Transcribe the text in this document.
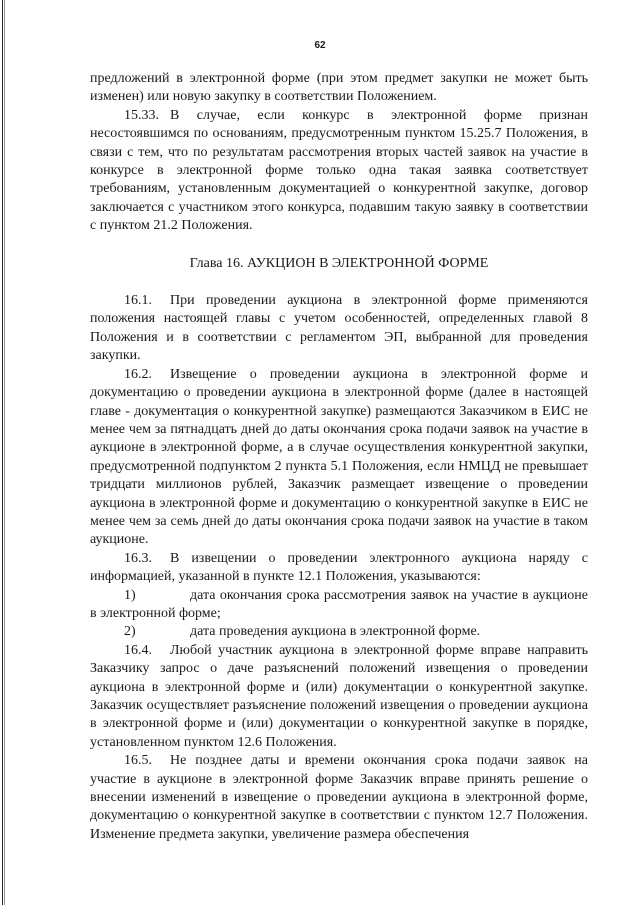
62

предложений в электронной форме (при этом предмет закупки не может быть изменен) или новую закупку в соответствии Положением.

15.33. В случае, если конкурс в электронной форме признан несостоявшимся по основаниям, предусмотренным пунктом 15.25.7 Положения, в связи с тем, что по результатам рассмотрения вторых частей заявок на участие в конкурсе в электронной форме только одна такая заявка соответствует требованиям, установленным документацией о конкурентной закупке, договор заключается с участником этого конкурса, подавшим такую заявку в соответствии с пунктом 21.2 Положения.

Глава 16. АУКЦИОН В ЭЛЕКТРОННОЙ ФОРМЕ

16.1. При проведении аукциона в электронной форме применяются положения настоящей главы с учетом особенностей, определенных главой 8 Положения и в соответствии с регламентом ЭП, выбранной для проведения закупки.

16.2. Извещение о проведении аукциона в электронной форме и документацию о проведении аукциона в электронной форме (далее в настоящей главе - документация о конкурентной закупке) размещаются Заказчиком в ЕИС не менее чем за пятнадцать дней до даты окончания срока подачи заявок на участие в аукционе в электронной форме, а в случае осуществления конкурентной закупки, предусмотренной подпунктом 2 пункта 5.1 Положения, если НМЦД не превышает тридцати миллионов рублей, Заказчик размещает извещение о проведении аукциона в электронной форме и документацию о конкурентной закупке в ЕИС не менее чем за семь дней до даты окончания срока подачи заявок на участие в таком аукционе.

16.3. В извещении о проведении электронного аукциона наряду с информацией, указанной в пункте 12.1 Положения, указываются:

1)	дата окончания срока рассмотрения заявок на участие в аукционе в электронной форме;

2)	дата проведения аукциона в электронной форме.

16.4. Любой участник аукциона в электронной форме вправе направить Заказчику запрос о даче разъяснений положений извещения о проведении аукциона в электронной форме и (или) документации о конкурентной закупке. Заказчик осуществляет разъяснение положений извещения о проведении аукциона в электронной форме и (или) документации о конкурентной закупке в порядке, установленном пунктом 12.6 Положения.

16.5. Не позднее даты и времени окончания срока подачи заявок на участие в аукционе в электронной форме Заказчик вправе принять решение о внесении изменений в извещение о проведении аукциона в электронной форме, документацию о конкурентной закупке в соответствии с пунктом 12.7 Положения. Изменение предмета закупки, увеличение размера обеспечения
